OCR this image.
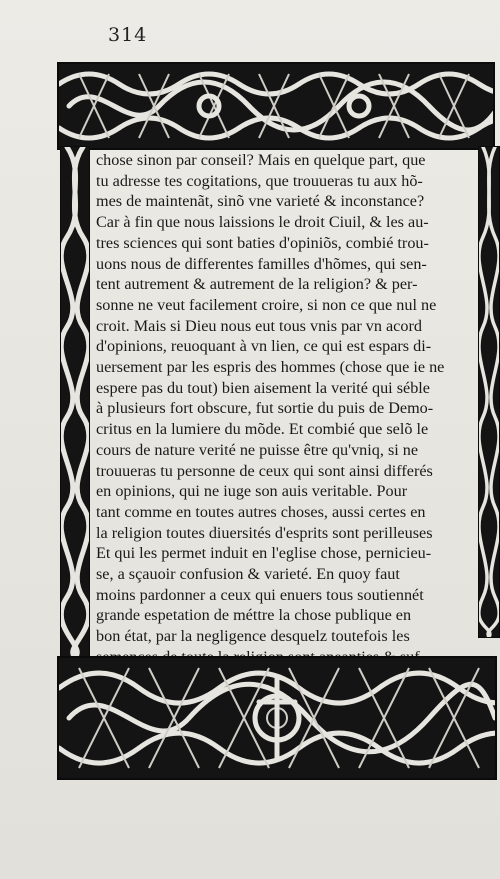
314
chose sinon par conseil? Mais en quelque part, que
tu adresse tes cogitations, que trouueras tu aux hõ-
mes de maintenãt, sinõ vne varieté & inconstance?
Car à fin que nous laissions le droit Ciuil, & les au-
tres sciences qui sont baties d'opiniõs, combié trou-
uons nous de differentes familles d'hõmes, qui sen-
tent autrement & autrement de la religion? & per-
sonne ne veut facilement croire, si non ce que nul ne
croit. Mais si Dieu nous eut tous vnis par vn acord
d'opinions, reuoquant à vn lien, ce qui est espars di-
uersement par les espris des hommes (chose que ie ne
espere pas du tout) bien aisement la verité qui séble
à plusieurs fort obscure, fut sortie du puis de Demo-
critus en la lumiere du mõde. Et combié que selõ le
cours de nature verité ne puisse être qu'vniq, si ne
trouueras tu personne de ceux qui sont ainsi differés
en opinions, qui ne iuge son auis veritable. Pour
tant comme en toutes autres choses, aussi certes en
la religion toutes diuersités d'esprits sont perilleuses
Et qui les permet induit en l'eglise chose, pernicieu-
se, a sçauoir confusion & varieté. En quoy faut
moins pardonner a ceux qui enuers tous soutiennét
grande espetation de méttre la chose publique en
bon état, par la negligence desquelz toutefois les
